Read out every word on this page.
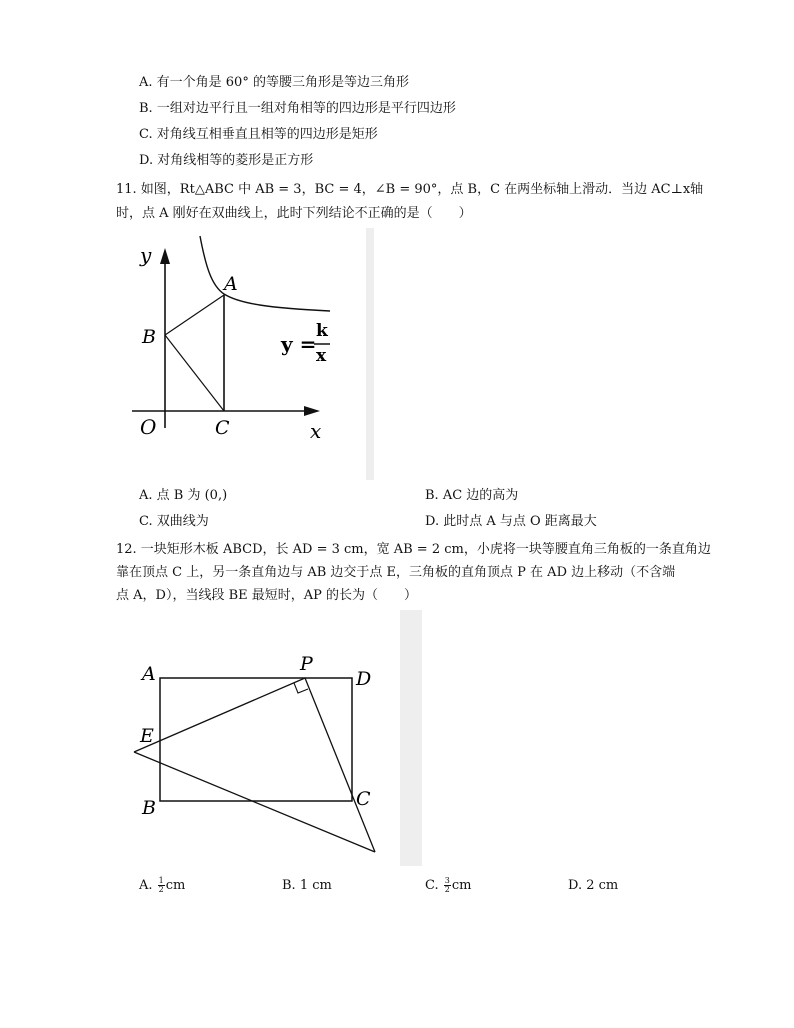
A. 有一个角是 60° 的等腰三角形是等边三角形
B. 一组对边平行且一组对角相等的四边形是平行四边形
C. 对角线互相垂直且相等的四边形是矩形
D. 对角线相等的菱形是正方形
11. 如图，Rt△ABC 中 AB = 3，BC = 4，∠B = 90°，点 B，C 在两坐标轴上滑动．当边 AC⊥x轴
时，点 A 刚好在双曲线上，此时下列结论不正确的是（　　）
y
x
O
A
B
C
y =
k
x
A. 点 B 为 (0,)	B. AC 边的高为
C. 双曲线为	D. 此时点 A 与点 O 距离最大
12. 一块矩形木板 ABCD，长 AD = 3 cm，宽 AB = 2 cm，小虎将一块等腰直角三角板的一条直角边
靠在顶点 C 上，另一条直角边与 AB 边交于点 E，三角板的直角顶点 P 在 AD 边上移动（不含端
点 A，D），当线段 BE 最短时，AP 的长为（　　）
A
B	C
D
E
P
A. $\frac{1}{2}$ cm	B. 1 cm	C. $\frac{3}{2}$ cm	D. 2 cm
